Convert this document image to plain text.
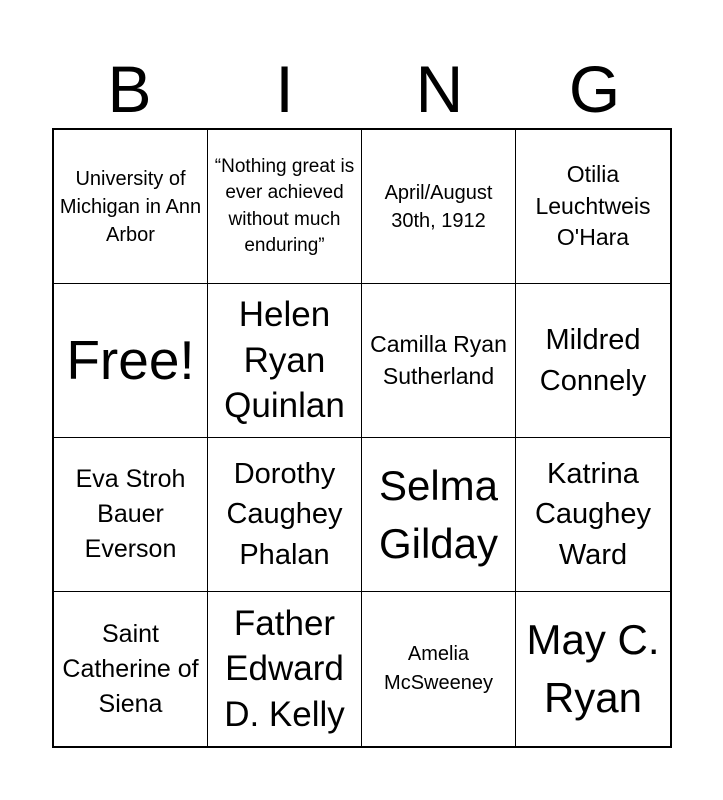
B	I	N	G
University of Michigan in Ann Arbor
“Nothing great is ever achieved without much enduring”
April/August 30th, 1912
Otilia Leuchtweis O'Hara
Free!
Helen Ryan Quinlan
Camilla Ryan Sutherland
Mildred Connely
Eva Stroh Bauer Everson
Dorothy Caughey Phalan
Selma Gilday
Katrina Caughey Ward
Saint Catherine of Siena
Father Edward D. Kelly
Amelia McSweeney
May C. Ryan
